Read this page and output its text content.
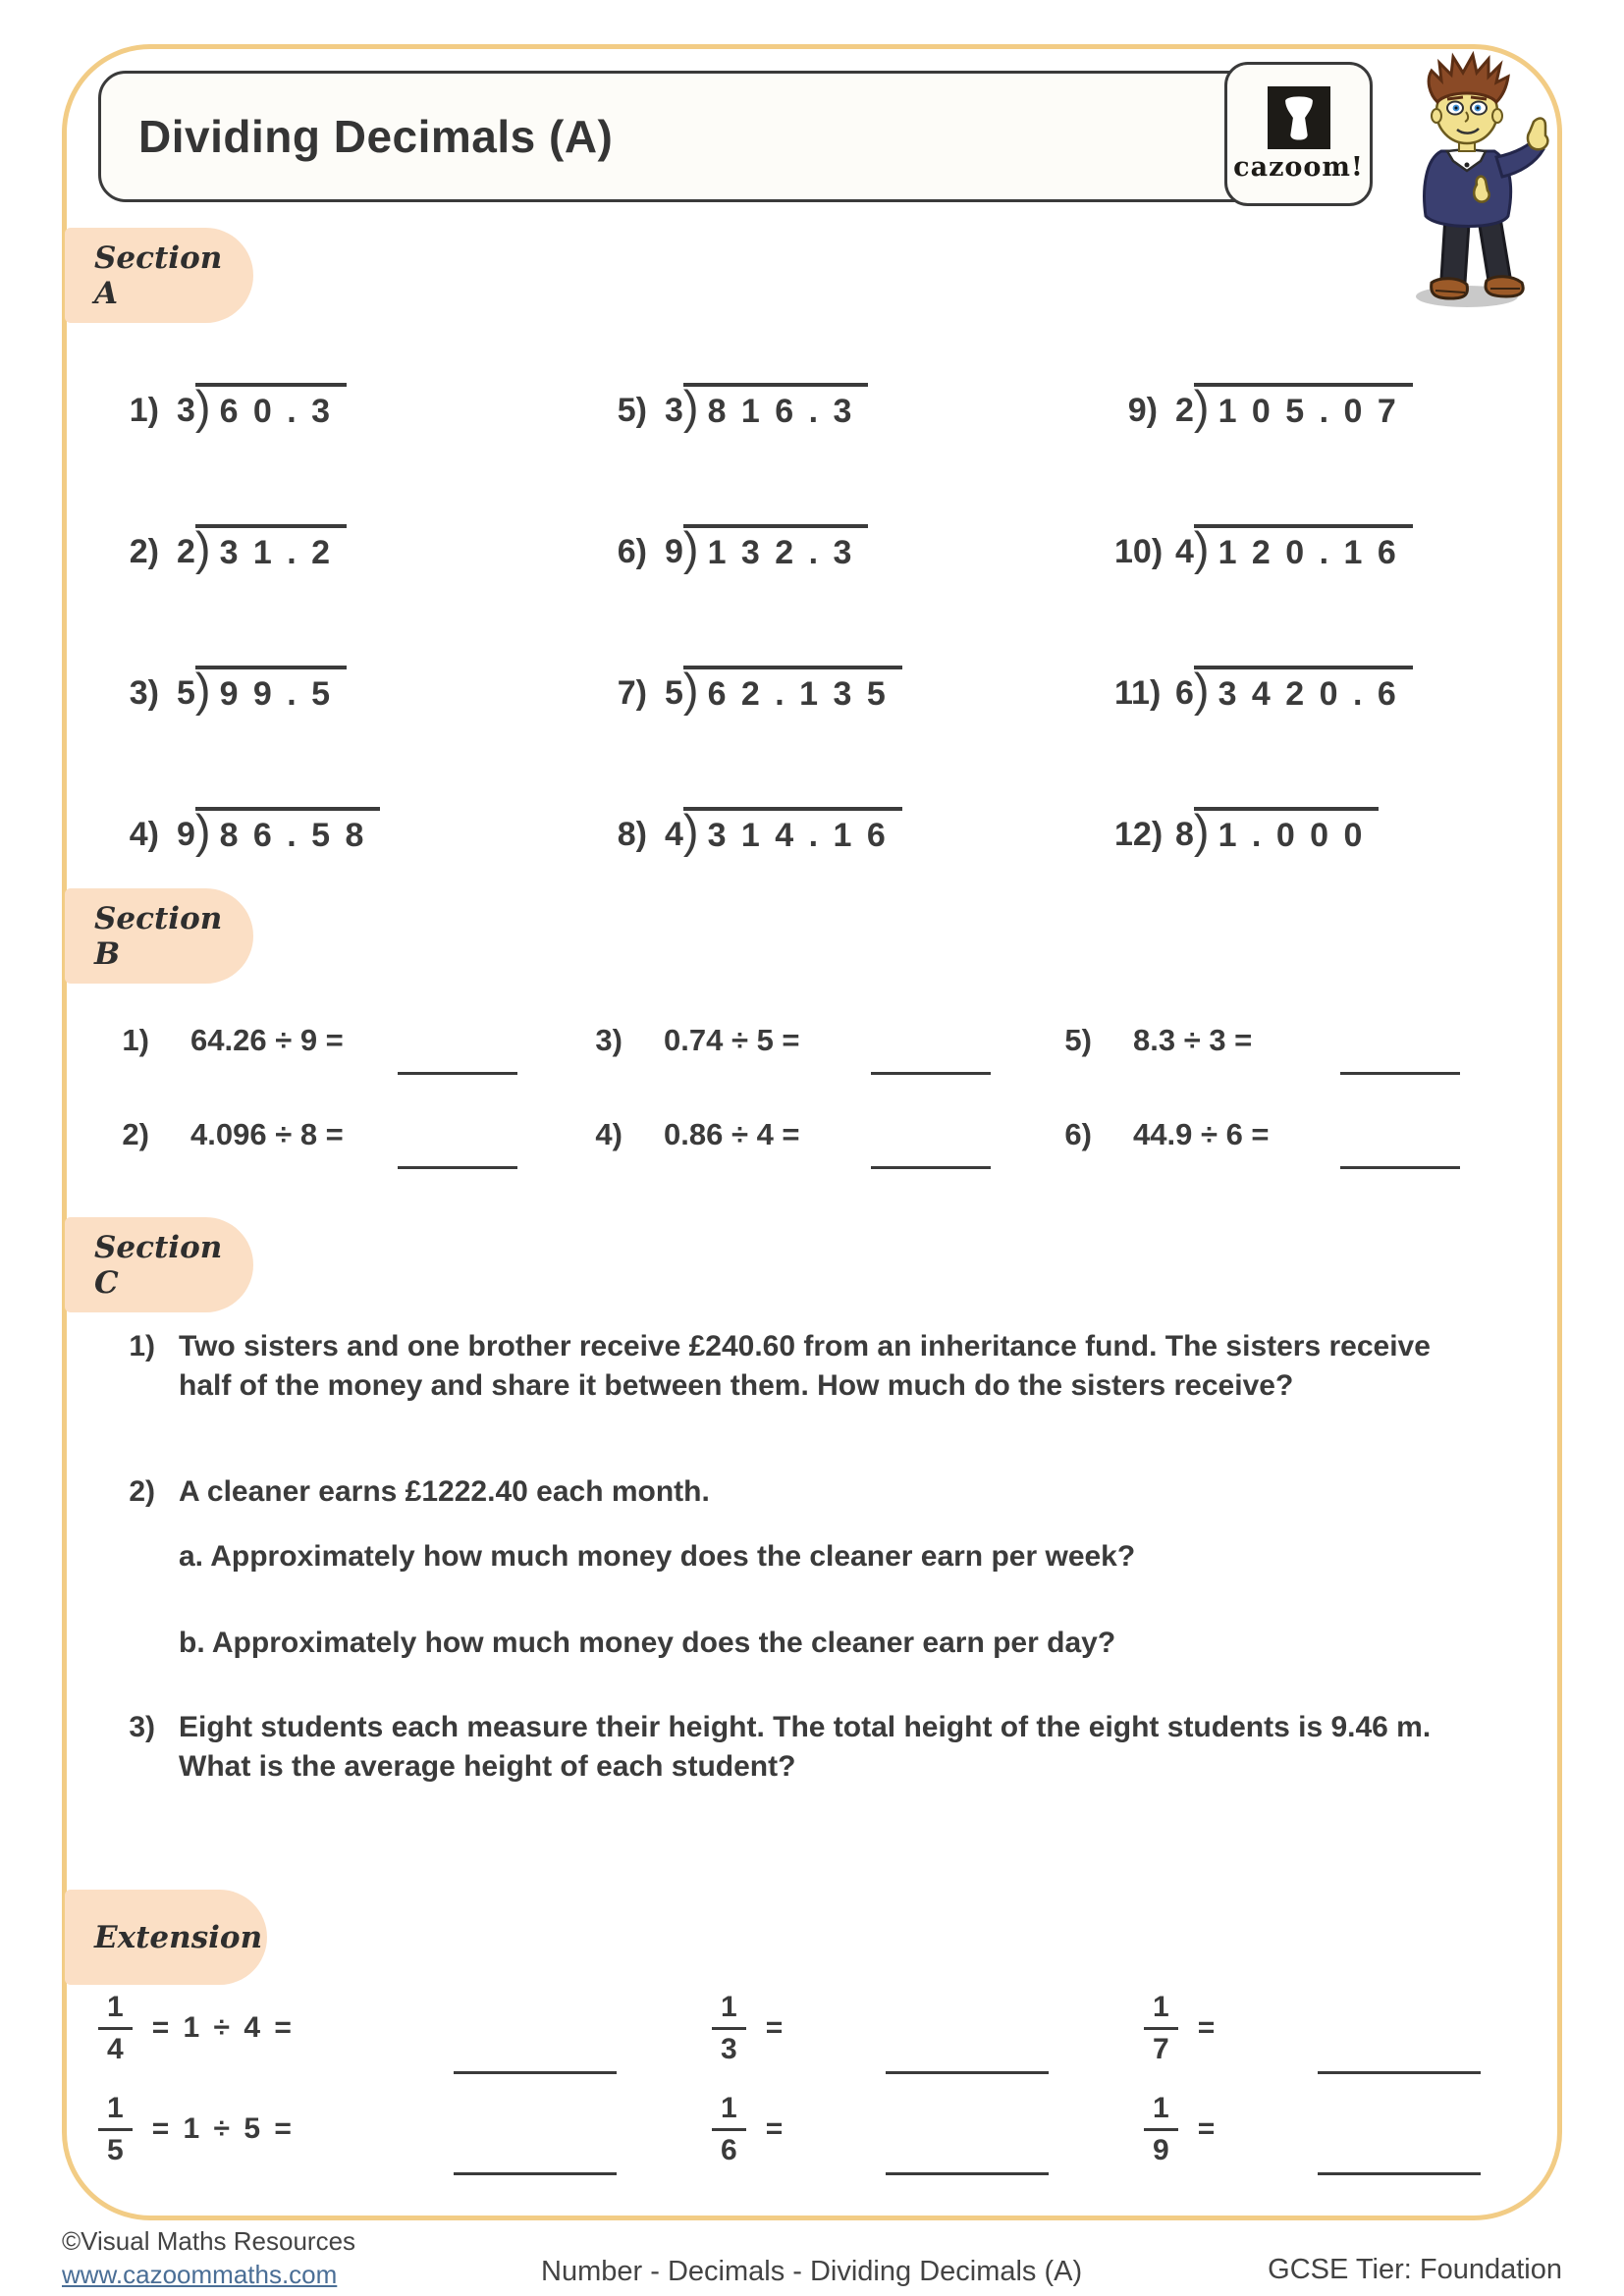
Dividing Decimals (A)
cazoom!
Section A
Section B
Section C
Extension
1) 3 ) 6 0 . 3
2) 2 ) 3 1 . 2
3) 5 ) 9 9 . 5
4) 9 ) 8 6 . 5 8
5) 3 ) 8 1 6 . 3
6) 9 ) 1 3 2 . 3
7) 5 ) 6 2 . 1 3 5
8) 4 ) 3 1 4 . 1 6
9) 2 ) 1 0 5 . 0 7
10) 4 ) 1 2 0 . 1 6
11) 6 ) 3 4 2 0 . 6
12) 8 ) 1 . 0 0 0
1) 64.26 ÷ 9 =
2) 4.096 ÷ 8 =
3) 0.74 ÷ 5 =
4) 0.86 ÷ 4 =
5) 8.3 ÷ 3 =
6) 44.9 ÷ 6 =
1) Two sisters and one brother receive £240.60 from an inheritance fund. The sisters receive half of the money and share it between them. How much do the sisters receive?
2) A cleaner earns £1222.40 each month.
a. Approximately how much money does the cleaner earn per week?
b. Approximately how much money does the cleaner earn per day?
3) Eight students each measure their height. The total height of the eight students is 9.46 m. What is the average height of each student?
$\frac{1}{4} = 1 \div 4$ =
$\frac{1}{5} = 1 \div 5$ =
$\frac{1}{3}$ =
$\frac{1}{6}$ =
$\frac{1}{7}$ =
$\frac{1}{9}$ =
©Visual Maths Resources
www.cazoommaths.com	Number - Decimals - Dividing Decimals (A)	GCSE Tier: Foundation
